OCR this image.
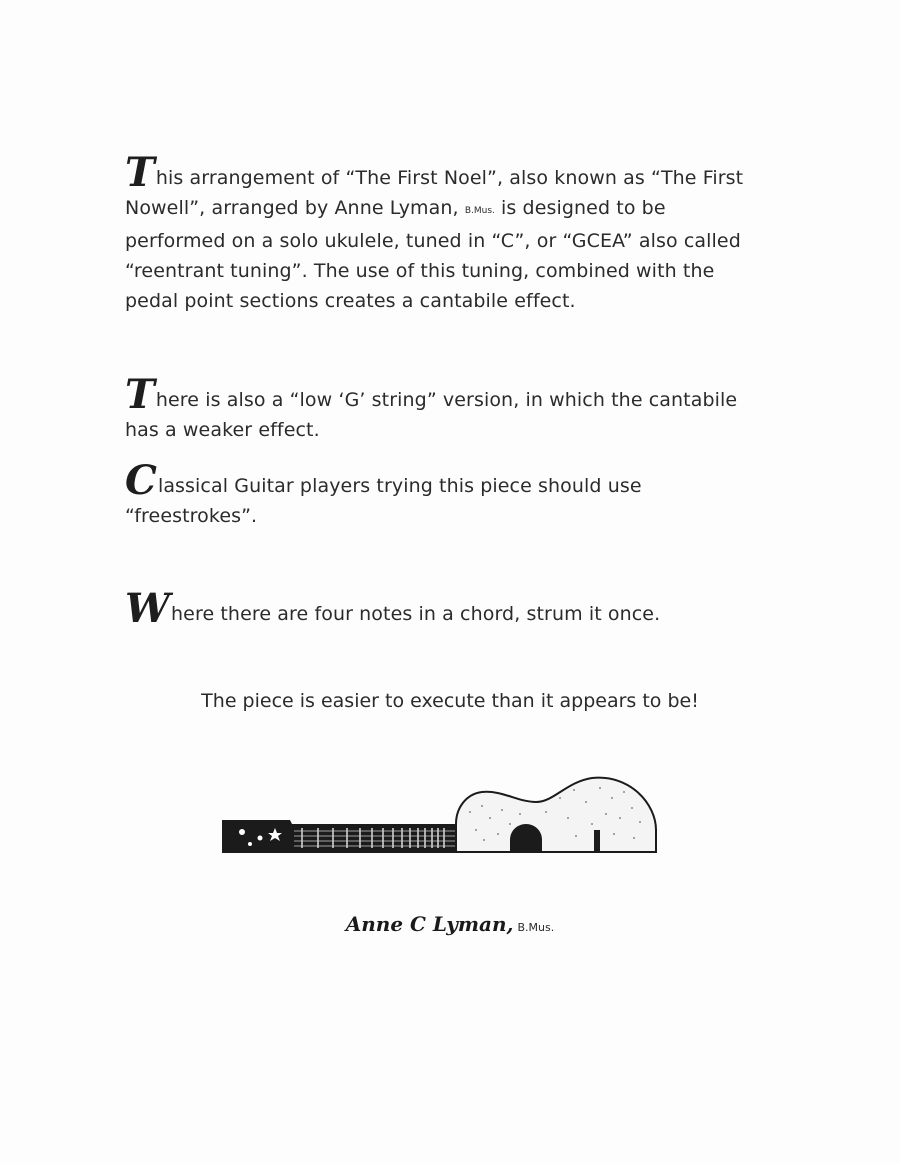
This arrangement of “The First Noel”, also known as “The First
Nowell”, arranged by Anne Lyman, B.Mus. is designed to be
performed on a solo ukulele, tuned in “C”, or “GCEA” also called
“reentrant tuning”. The use of this tuning, combined with the
pedal point sections creates a cantabile effect.
There is also a “low ‘G’ string” version, in which the cantabile
has a weaker effect.
Classical Guitar players trying this piece should use
“freestrokes”.
Where there are four notes in a chord, strum it once.
The piece is easier to execute than it appears to be!
Anne C Lyman, B.Mus.
